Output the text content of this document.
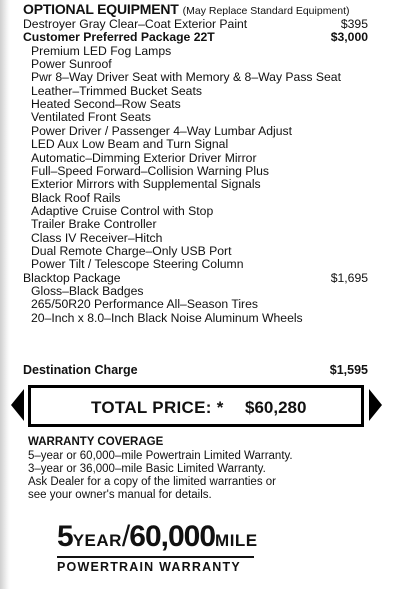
OPTIONAL EQUIPMENT (May Replace Standard Equipment)
Destroyer Gray Clear–Coat Exterior Paint	$395
Customer Preferred Package 22T	$3,000
Premium LED Fog Lamps
Power Sunroof
Pwr 8–Way Driver Seat with Memory & 8–Way Pass Seat
Leather–Trimmed Bucket Seats
Heated Second–Row Seats
Ventilated Front Seats
Power Driver / Passenger 4–Way Lumbar Adjust
LED Aux Low Beam and Turn Signal
Automatic–Dimming Exterior Driver Mirror
Full–Speed Forward–Collision Warning Plus
Exterior Mirrors with Supplemental Signals
Black Roof Rails
Adaptive Cruise Control with Stop
Trailer Brake Controller
Class IV Receiver–Hitch
Dual Remote Charge–Only USB Port
Power Tilt / Telescope Steering Column
Blacktop Package	$1,695
Gloss–Black Badges
265/50R20 Performance All–Season Tires
20–Inch x 8.0–Inch Black Noise Aluminum Wheels
Destination Charge	$1,595
TOTAL PRICE: * $60,280
WARRANTY COVERAGE
5–year or 60,000–mile Powertrain Limited Warranty.
3–year or 36,000–mile Basic Limited Warranty.
Ask Dealer for a copy of the limited warranties or
see your owner's manual for details.
5YEAR/60,000MILE
POWERTRAIN WARRANTY
